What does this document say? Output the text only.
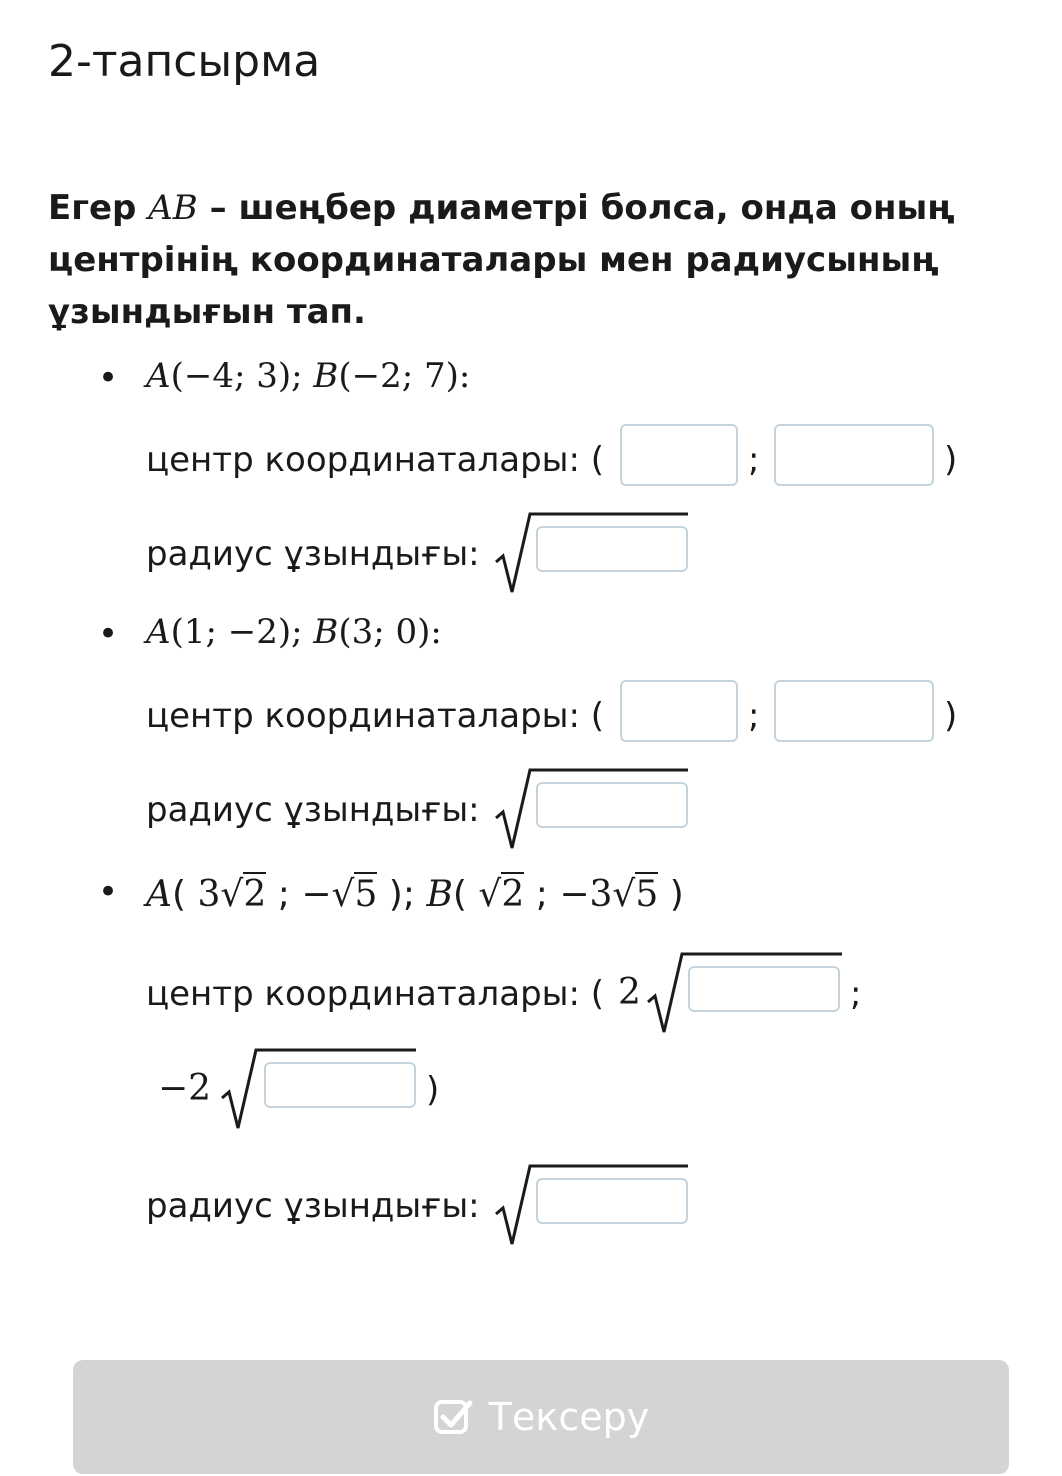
2-тапсырма
Егер AB – шеңбер диаметрі болса, онда оның
центрінің координаталары мен радиусының
ұзындығын тап.
• A(−4; 3); B(−2; 7):
центр координаталары: (	;	)
радиус ұзындығы:
• A(1; −2); B(3; 0):
центр координаталары: (	;	)
радиус ұзындығы:
• A( 3√2 ; −√5 ); B( √2 ; −3√5 )
центр координаталары: ( 2	;
−2	)
радиус ұзындығы:
Тексеру
